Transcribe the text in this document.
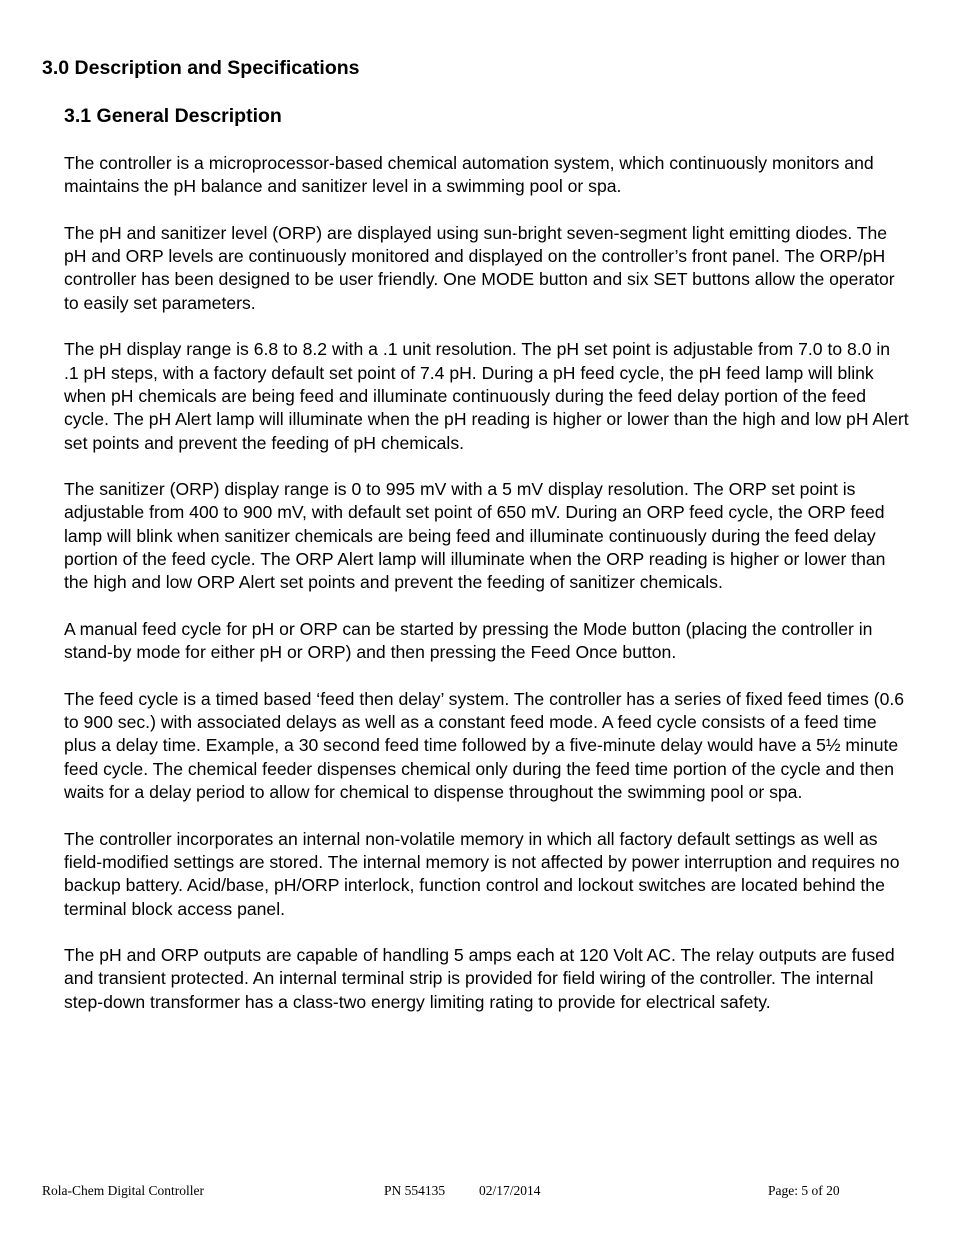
3.0 Description and Specifications
3.1 General Description

The controller is a microprocessor-based chemical automation system, which continuously monitors and maintains the pH balance and sanitizer level in a swimming pool or spa.

The pH and sanitizer level (ORP) are displayed using sun-bright seven-segment light emitting diodes. The pH and ORP levels are continuously monitored and displayed on the controller’s front panel. The ORP/pH controller has been designed to be user friendly. One MODE button and six SET buttons allow the operator to easily set parameters.

The pH display range is 6.8 to 8.2 with a .1 unit resolution. The pH set point is adjustable from 7.0 to 8.0 in .1 pH steps, with a factory default set point of 7.4 pH. During a pH feed cycle, the pH feed lamp will blink when pH chemicals are being feed and illuminate continuously during the feed delay portion of the feed cycle. The pH Alert lamp will illuminate when the pH reading is higher or lower than the high and low pH Alert set points and prevent the feeding of pH chemicals.

The sanitizer (ORP) display range is 0 to 995 mV with a 5 mV display resolution. The ORP set point is adjustable from 400 to 900 mV, with default set point of 650 mV. During an ORP feed cycle, the ORP feed lamp will blink when sanitizer chemicals are being feed and illuminate continuously during the feed delay portion of the feed cycle. The ORP Alert lamp will illuminate when the ORP reading is higher or lower than the high and low ORP Alert set points and prevent the feeding of sanitizer chemicals.

A manual feed cycle for pH or ORP can be started by pressing the Mode button (placing the controller in stand-by mode for either pH or ORP) and then pressing the Feed Once button.

The feed cycle is a timed based ‘feed then delay’ system. The controller has a series of fixed feed times (0.6 to 900 sec.) with associated delays as well as a constant feed mode. A feed cycle consists of a feed time plus a delay time. Example, a 30 second feed time followed by a five-minute delay would have a 5½ minute feed cycle. The chemical feeder dispenses chemical only during the feed time portion of the cycle and then waits for a delay period to allow for chemical to dispense throughout the swimming pool or spa.

The controller incorporates an internal non-volatile memory in which all factory default settings as well as field-modified settings are stored. The internal memory is not affected by power interruption and requires no backup battery. Acid/base, pH/ORP interlock, function control and lockout switches are located behind the terminal block access panel.

The pH and ORP outputs are capable of handling 5 amps each at 120 Volt AC. The relay outputs are fused and transient protected. An internal terminal strip is provided for field wiring of the controller. The internal step-down transformer has a class-two energy limiting rating to provide for electrical safety.

Rola-Chem Digital Controller	PN 554135	02/17/2014	Page: 5 of 20
